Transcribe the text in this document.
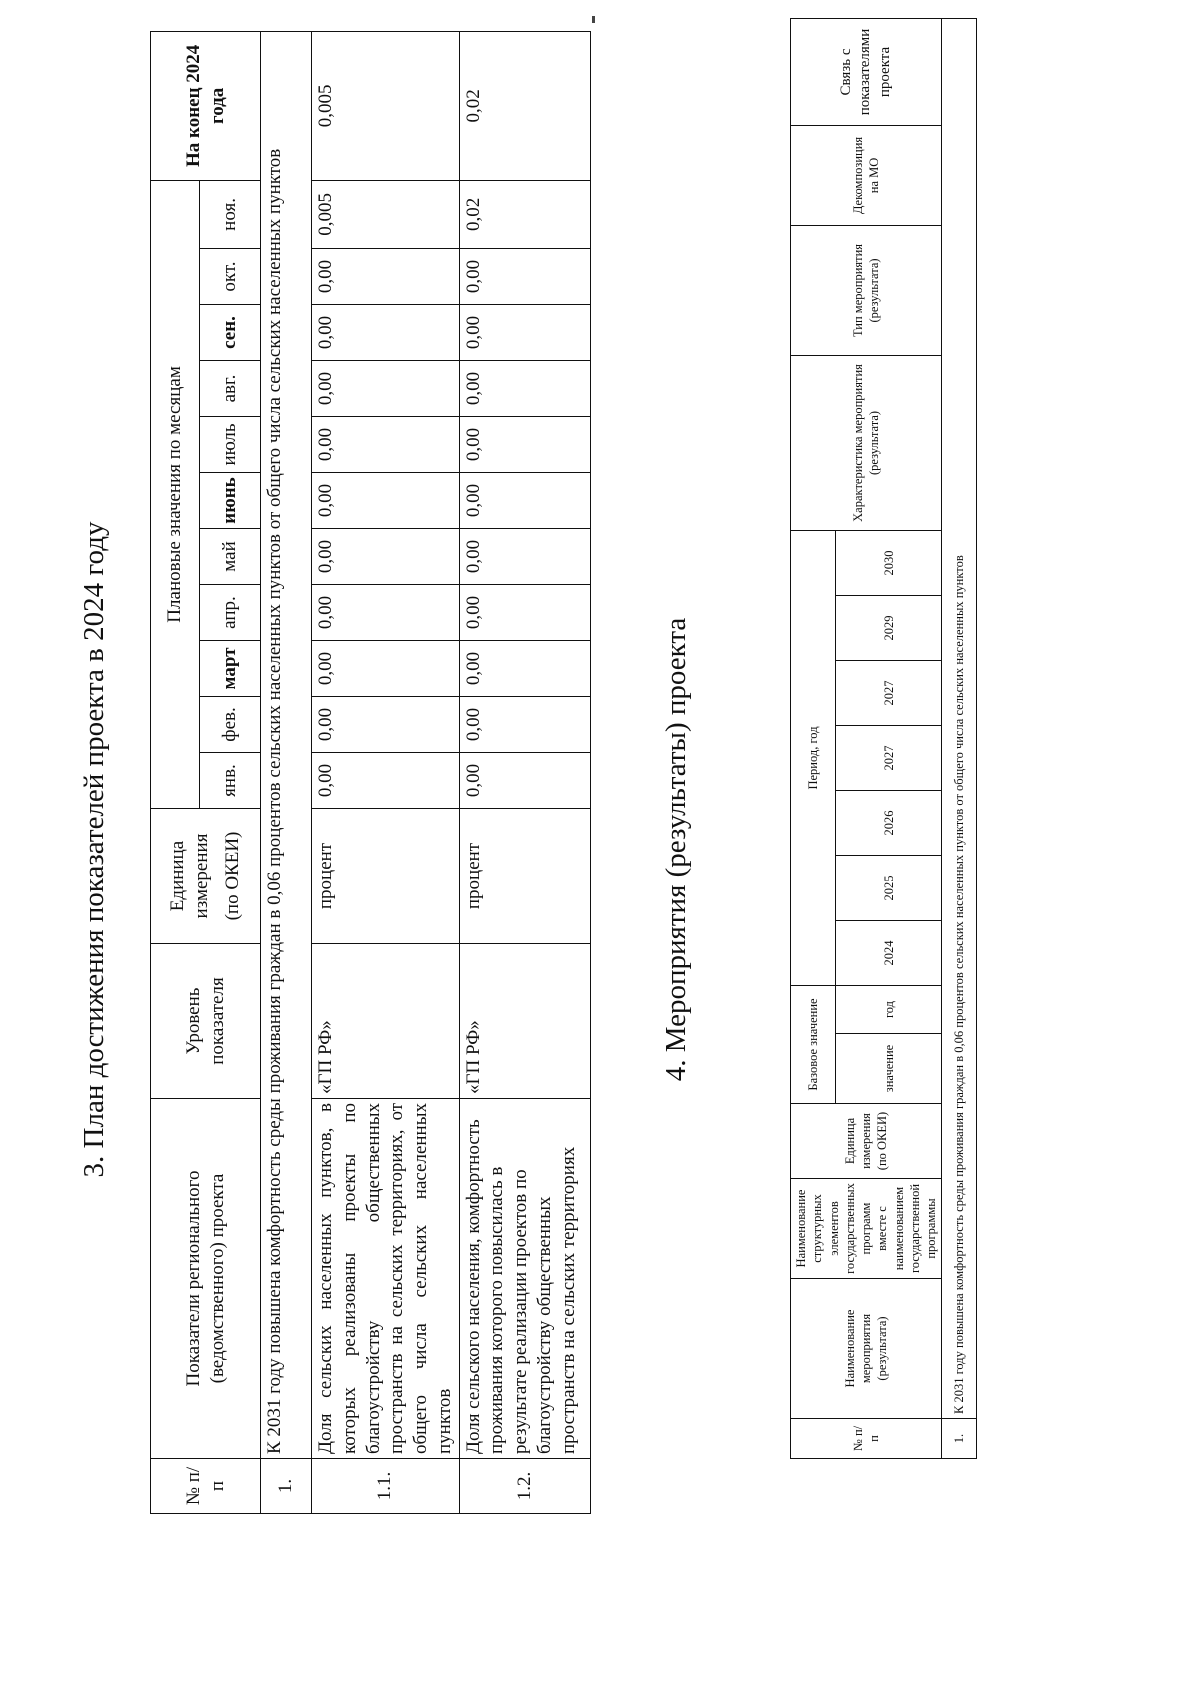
3. План достижения показателей проекта в 2024 году
№ п/п	Показатели регионального (ведомственного) проекта	Уровень показателя	Единица измерения (по ОКЕИ)	Плановые значения по месяцам											На конец 2024 года
				янв.	фев.	март	апр.	май	июнь	июль	авг.	сен.	окт.	ноя.	
1.	К 2031 году повышена комфортность среды проживания граждан в 0,06 процентов сельских населенных пунктов от общего числа сельских населенных пунктов														
1.1.	Доля сельских населенных пунктов, в которых реализованы проекты по благоустройству общественных пространств на сельских территориях, от общего числа сельских населенных пунктов	«ГП РФ»	процент	0,00	0,00	0,00	0,00	0,00	0,00	0,00	0,00	0,00	0,00	0,005	0,005
1.2.	Доля сельского населения, комфортность проживания которого повысилась в результате реализации проектов по благоустройству общественных пространств на сельских территориях	«ГП РФ»	процент	0,00	0,00	0,00	0,00	0,00	0,00	0,00	0,00	0,00	0,00	0,02	0,02
4. Мероприятия (результаты) проекта
№ п/п	Наименование мероприятия (результата)	Наименование структурных элементов государственных программ вместе с наименованием государственной программы	Единица измерения (по ОКЕИ)	Базовое значение		Период, год							Характеристика мероприятия (результата)	Тип мероприятия (результата)	Декомпозиция на МО	Связь с показателями проекта
				значение	год	2024	2025	2026	2027	2027	2029	2030				

1.	К 2031 году повышена комфортность среды проживания граждан в 0,06 процентов сельских населенных пунктов от общего числа сельских населенных пунктов															
